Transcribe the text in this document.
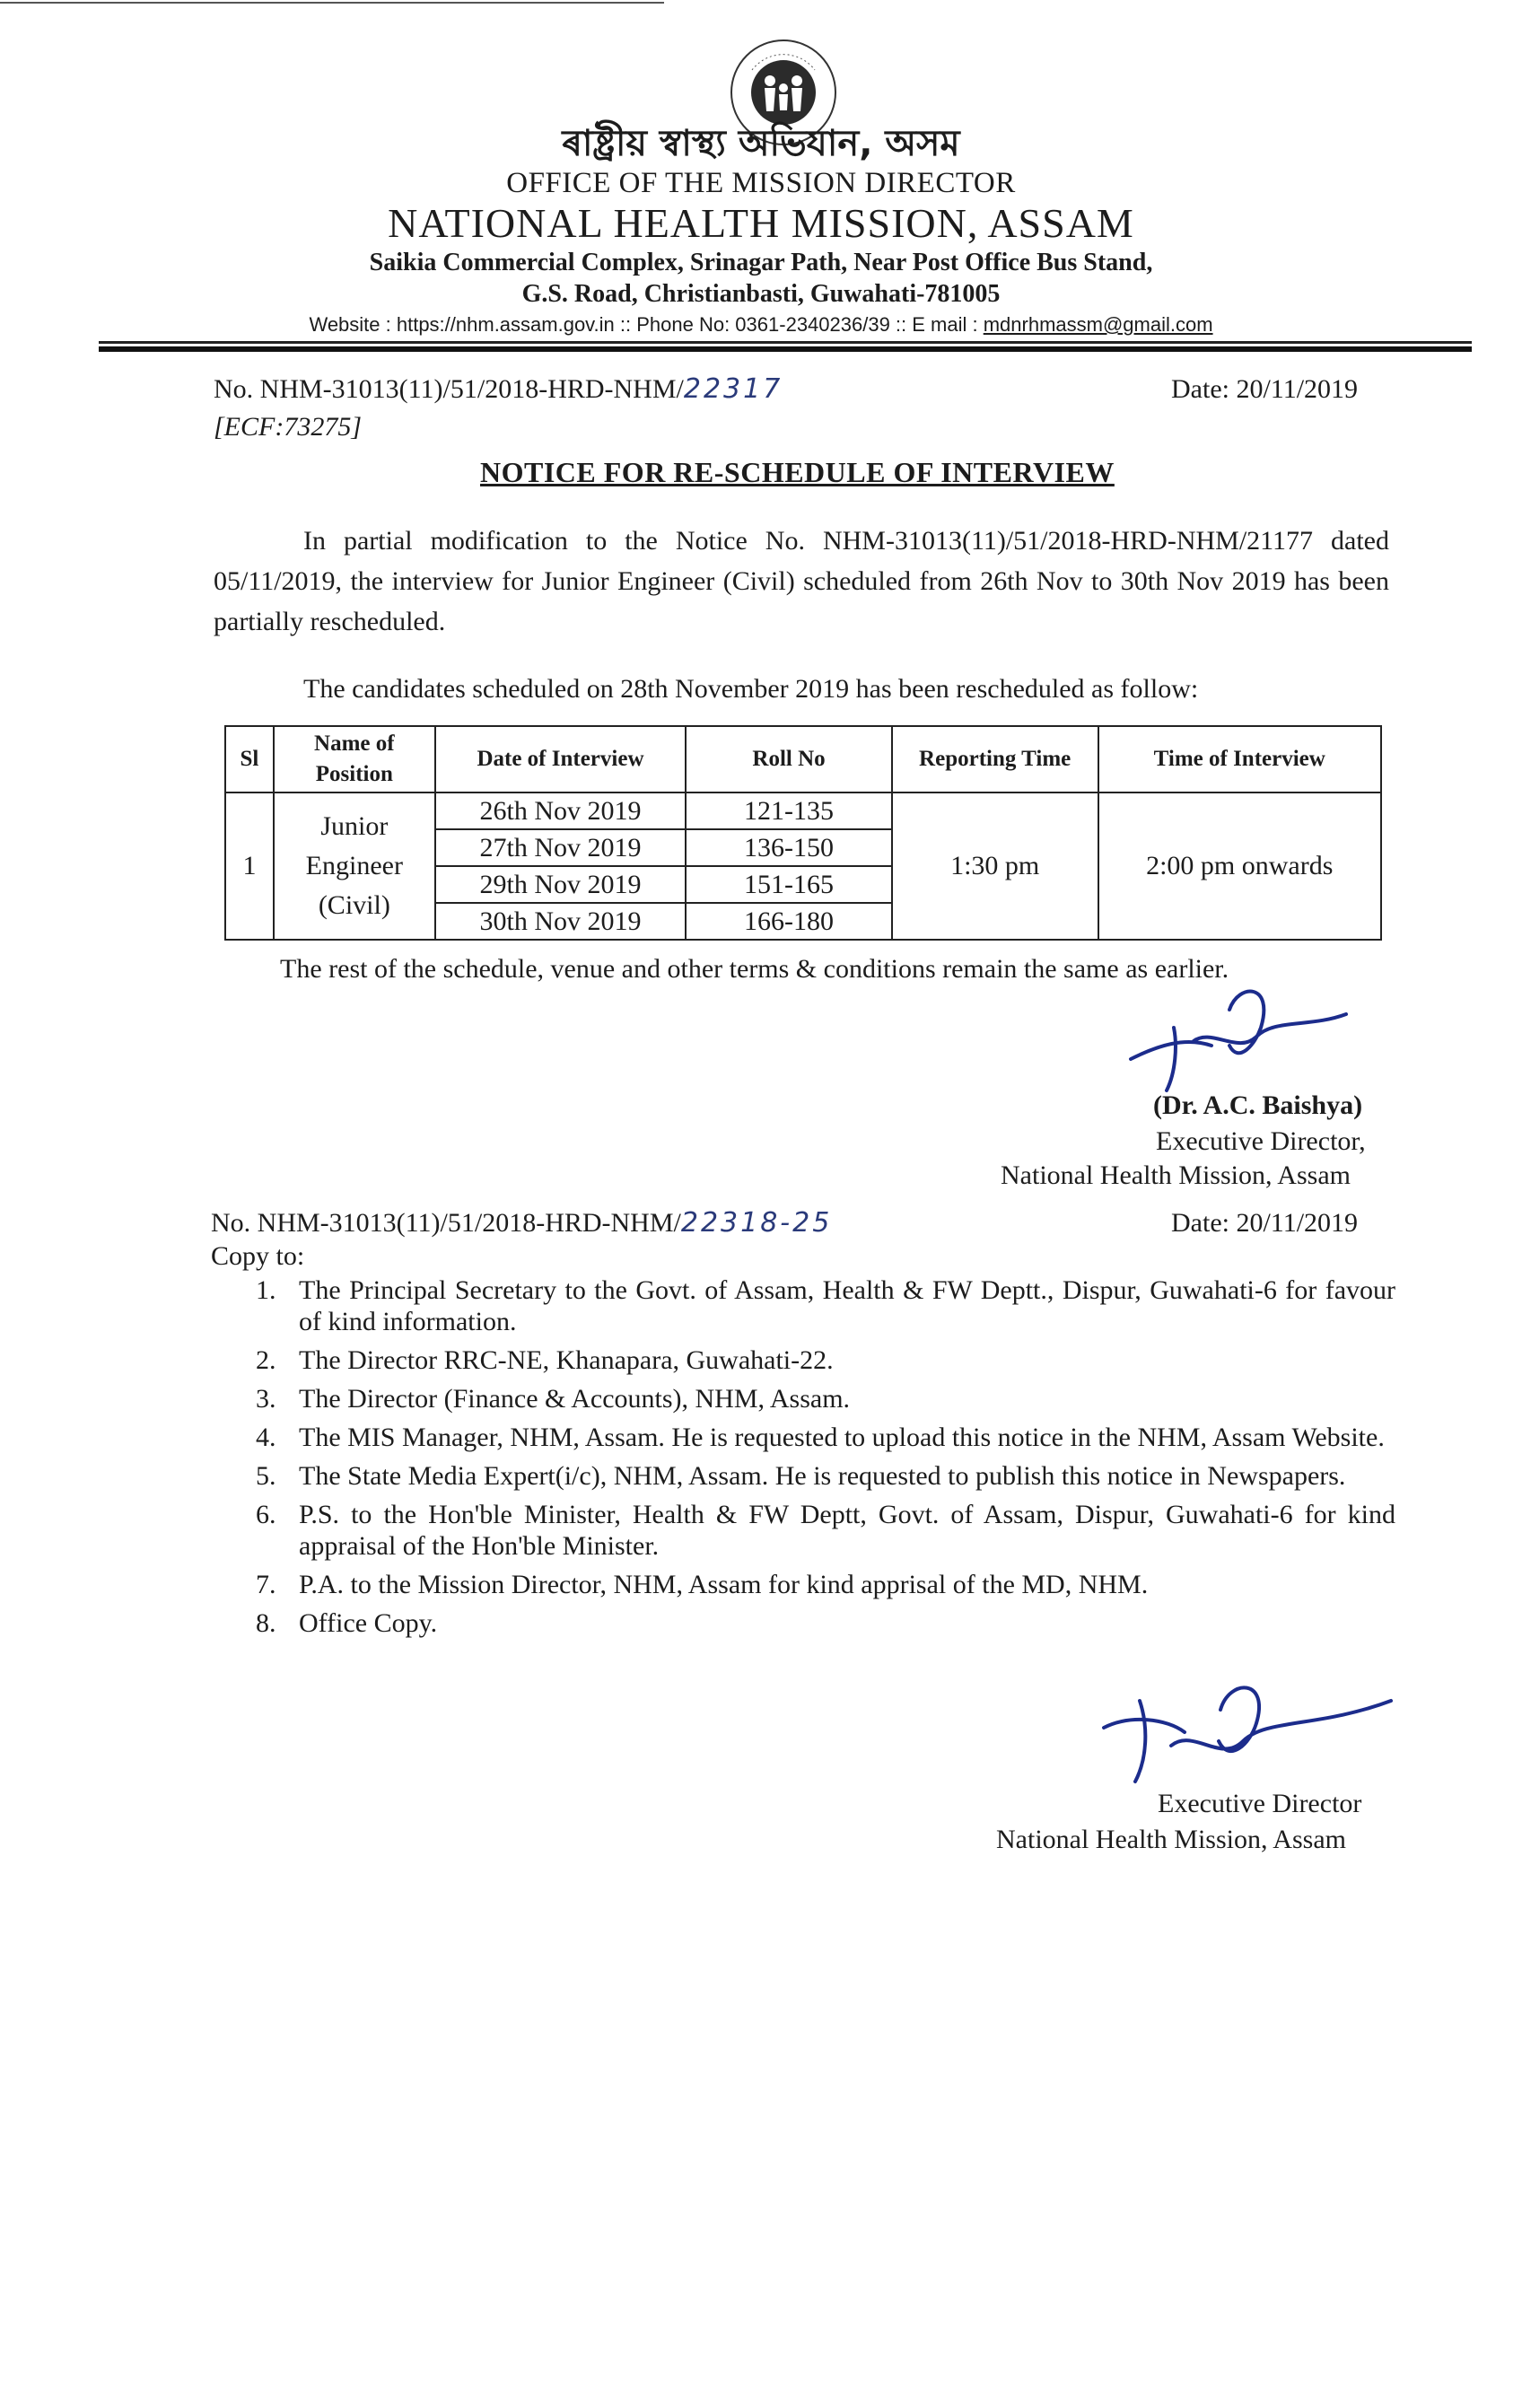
ৰাষ্ট্ৰীয় স্বাস্থ্য অভিযান, অসম
OFFICE OF THE MISSION DIRECTOR
NATIONAL HEALTH MISSION, ASSAM
Saikia Commercial Complex, Srinagar Path, Near Post Office Bus Stand,
G.S. Road, Christianbasti, Guwahati-781005
Website : https://nhm.assam.gov.in :: Phone No: 0361-2340236/39 :: E mail : mdnrhmassm@gmail.com
No. NHM-31013(11)/51/2018-HRD-NHM/22317
[ECF:73275]
Date: 20/11/2019
NOTICE FOR RE-SCHEDULE OF INTERVIEW
In partial modification to the Notice No. NHM-31013(11)/51/2018-HRD-NHM/21177 dated 05/11/2019, the interview for Junior Engineer (Civil) scheduled from 26th Nov to 30th Nov 2019 has been partially rescheduled.
The candidates scheduled on 28th November 2019 has been rescheduled as follow:
Sl	Name of Position	Date of Interview	Roll No	Reporting Time	Time of Interview
1	Junior Engineer (Civil)	26th Nov 2019	121-135	1:30 pm	2:00 pm onwards
		27th Nov 2019	136-150		
		29th Nov 2019	151-165		
		30th Nov 2019	166-180		
The rest of the schedule, venue and other terms & conditions remain the same as earlier.
(Dr. A.C. Baishya)
Executive Director,
National Health Mission, Assam
No. NHM-31013(11)/51/2018-HRD-NHM/22318-25	Date: 20/11/2019
Copy to:
1. The Principal Secretary to the Govt. of Assam, Health & FW Deptt., Dispur, Guwahati-6 for favour of kind information.
2. The Director RRC-NE, Khanapara, Guwahati-22.
3. The Director (Finance & Accounts), NHM, Assam.
4. The MIS Manager, NHM, Assam. He is requested to upload this notice in the NHM, Assam Website.
5. The State Media Expert(i/c), NHM, Assam. He is requested to publish this notice in Newspapers.
6. P.S. to the Hon'ble Minister, Health & FW Deptt, Govt. of Assam, Dispur, Guwahati-6 for kind appraisal of the Hon'ble Minister.
7. P.A. to the Mission Director, NHM, Assam for kind apprisal of the MD, NHM.
8. Office Copy.
Executive Director
National Health Mission, Assam
